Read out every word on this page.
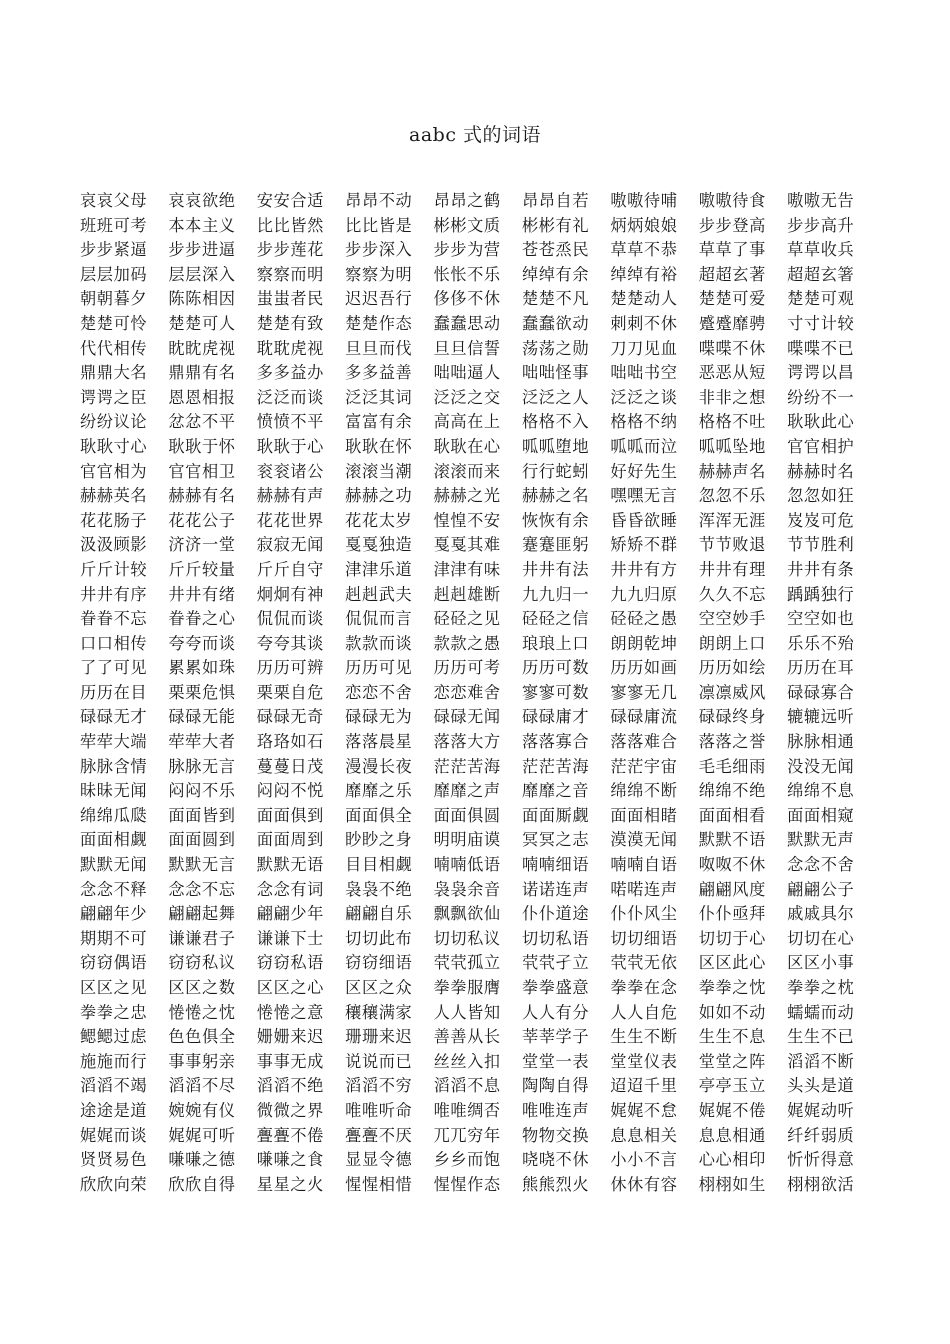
aabc 式的词语
哀哀父母	哀哀欲绝	安安合适	昂昂不动	昂昂之鹤	昂昂自若	嗷嗷待哺	嗷嗷待食	嗷嗷无告
班班可考	本本主义	比比皆然	比比皆是	彬彬文质	彬彬有礼	炳炳娘娘	步步登高	步步高升
步步紧逼	步步进逼	步步莲花	步步深入	步步为营	苍苍烝民	草草不恭	草草了事	草草收兵
层层加码	层层深入	察察而明	察察为明	怅怅不乐	绰绰有余	绰绰有裕	超超玄著	超超玄箸
朝朝暮夕	陈陈相因	蚩蚩者民	迟迟吾行	侈侈不休	楚楚不凡	楚楚动人	楚楚可爱	楚楚可观
楚楚可怜	楚楚可人	楚楚有致	楚楚作态	蠢蠢思动	蠢蠢欲动	刺刺不休	蹙蹙靡骋	寸寸计较
代代相传	眈眈虎视	耽耽虎视	旦旦而伐	旦旦信誓	荡荡之勋	刀刀见血	喋喋不休	喋喋不已
鼎鼎大名	鼎鼎有名	多多益办	多多益善	咄咄逼人	咄咄怪事	咄咄书空	恶恶从短	谔谔以昌
谔谔之臣	恩恩相报	泛泛而谈	泛泛其词	泛泛之交	泛泛之人	泛泛之谈	非非之想	纷纷不一
纷纷议论	忿忿不平	愤愤不平	富富有余	高高在上	格格不入	格格不纳	格格不吐	耿耿此心
耿耿寸心	耿耿于怀	耿耿于心	耿耿在怀	耿耿在心	呱呱堕地	呱呱而泣	呱呱坠地	官官相护
官官相为	官官相卫	衮衮诸公	滚滚当潮	滚滚而来	行行蛇蚓	好好先生	赫赫声名	赫赫时名
赫赫英名	赫赫有名	赫赫有声	赫赫之功	赫赫之光	赫赫之名	嘿嘿无言	忽忽不乐	忽忽如狂
花花肠子	花花公子	花花世界	花花太岁	惶惶不安	恢恢有余	昏昏欲睡	浑浑无涯	岌岌可危
汲汲顾影	济济一堂	寂寂无闻	戛戛独造	戛戛其难	蹇蹇匪躬	矫矫不群	节节败退	节节胜利
斤斤计较	斤斤较量	斤斤自守	津津乐道	津津有味	井井有法	井井有方	井井有理	井井有条
井井有序	井井有绪	炯炯有神	赳赳武夫	赳赳雄断	九九归一	九九归原	久久不忘	踽踽独行
眷眷不忘	眷眷之心	侃侃而谈	侃侃而言	硁硁之见	硁硁之信	硁硁之愚	空空妙手	空空如也
口口相传	夸夸而谈	夸夸其谈	款款而谈	款款之愚	琅琅上口	朗朗乾坤	朗朗上口	乐乐不殆
了了可见	累累如珠	历历可辨	历历可见	历历可考	历历可数	历历如画	历历如绘	历历在耳
历历在目	栗栗危惧	栗栗自危	恋恋不舍	恋恋难舍	寥寥可数	寥寥无几	凛凛威风	碌碌寡合
碌碌无才	碌碌无能	碌碌无奇	碌碌无为	碌碌无闻	碌碌庸才	碌碌庸流	碌碌终身	辘辘远听
荦荦大端	荦荦大者	珞珞如石	落落晨星	落落大方	落落寡合	落落难合	落落之誉	脉脉相通
脉脉含情	脉脉无言	蔓蔓日茂	漫漫长夜	茫茫苦海	茫茫苦海	茫茫宇宙	毛毛细雨	没没无闻
昧昧无闻	闷闷不乐	闷闷不悦	靡靡之乐	靡靡之声	靡靡之音	绵绵不断	绵绵不绝	绵绵不息
绵绵瓜瓞	面面皆到	面面俱到	面面俱全	面面俱圆	面面厮觑	面面相睹	面面相看	面面相窥
面面相觑	面面圆到	面面周到	眇眇之身	明明庙谟	冥冥之志	漠漠无闻	默默不语	默默无声
默默无闻	默默无言	默默无语	目目相觑	喃喃低语	喃喃细语	喃喃自语	呶呶不休	念念不舍
念念不释	念念不忘	念念有词	袅袅不绝	袅袅余音	诺诺连声	喏喏连声	翩翩风度	翩翩公子
翩翩年少	翩翩起舞	翩翩少年	翩翩自乐	飘飘欲仙	仆仆道途	仆仆风尘	仆仆亟拜	戚戚具尔
期期不可	谦谦君子	谦谦下士	切切此布	切切私议	切切私语	切切细语	切切于心	切切在心
窃窃偶语	窃窃私议	窃窃私语	窃窃细语	茕茕孤立	茕茕孑立	茕茕无依	区区此心	区区小事
区区之见	区区之数	区区之心	区区之众	拳拳服膺	拳拳盛意	拳拳在念	拳拳之忱	拳拳之枕
拳拳之忠	惓惓之忱	惓惓之意	穰穰满家	人人皆知	人人有分	人人自危	如如不动	蠕蠕而动
鳃鳃过虑	色色俱全	姗姗来迟	珊珊来迟	善善从长	莘莘学子	生生不断	生生不息	生生不已
施施而行	事事躬亲	事事无成	说说而已	丝丝入扣	堂堂一表	堂堂仪表	堂堂之阵	滔滔不断
滔滔不竭	滔滔不尽	滔滔不绝	滔滔不穷	滔滔不息	陶陶自得	迢迢千里	亭亭玉立	头头是道
途途是道	婉婉有仪	微微之界	唯唯听命	唯唯绸否	唯唯连声	娓娓不怠	娓娓不倦	娓娓动听
娓娓而谈	娓娓可听	亹亹不倦	亹亹不厌	兀兀穷年	物物交换	息息相关	息息相通	纤纤弱质
贤贤易色	嗛嗛之德	嗛嗛之食	显显令德	乡乡而饱	哓哓不休	小小不言	心心相印	忻忻得意
欣欣向荣	欣欣自得	星星之火	惺惺相惜	惺惺作态	熊熊烈火	休休有容	栩栩如生	栩栩欲活
